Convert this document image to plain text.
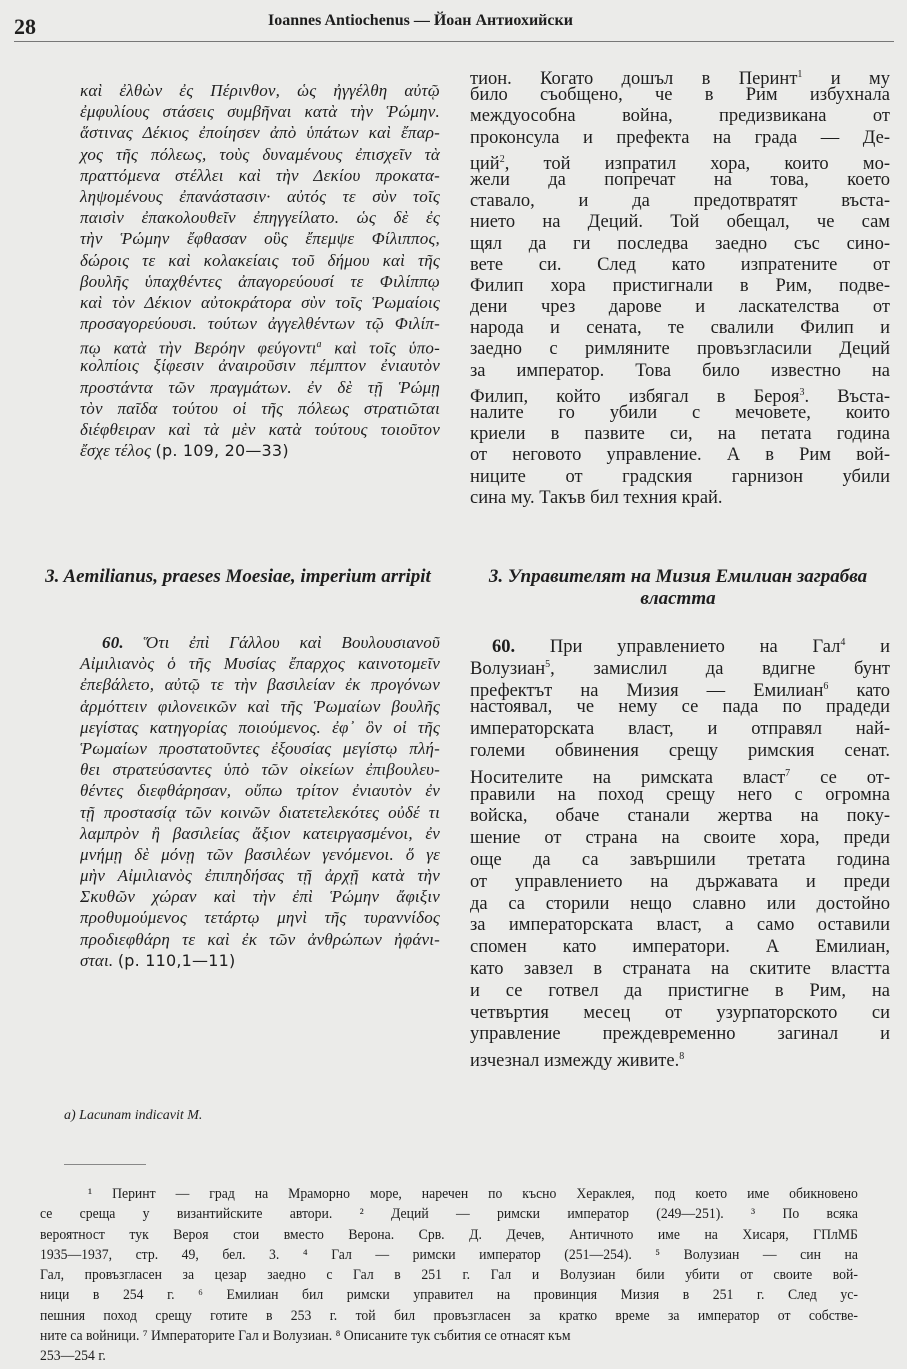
28	Ioannes Antiochenus — Йоан Антиохийски
καὶ ἐλθὼν ἐς Πέρινθον, ὡς ἠγγέλθη αὐτῷ
ἐμφυλίους στάσεις συμβῆναι κατὰ τὴν Ῥώμην.
ἅστινας Δέκιος ἐποίησεν ἀπὸ ὑπάτων καὶ ἔπαρ-
χος τῆς πόλεως, τοὺς δυναμένους ἐπισχεῖν τὰ
πραττόμενα στέλλει καὶ τὴν Δεκίου προκατα-
ληψομένους ἐπανάστασιν· αὐτός τε σὺν τοῖς
παισὶν ἐπακολουθεῖν ἐπηγγείλατο. ὡς δὲ ἐς
τὴν Ῥώμην ἔφθασαν οὓς ἔπεμψε Φίλιππος,
δώροις τε καὶ κολακείαις τοῦ δήμου καὶ τῆς
βουλῆς ὑπαχθέντες ἀπαγορεύουσί τε Φιλίππῳ
καὶ τὸν Δέκιον αὐτοκράτορα σὺν τοῖς Ῥωμαίοις
προσαγορεύουσι. τούτων ἀγγελθέντων τῷ Φιλίπ-
πῳ κατὰ τὴν Βερόην φεύγοντι$^a$ καὶ τοῖς ὑπο-
κολπίοις ξίφεσιν ἀναιροῦσιν πέμπτον ἐνιαυτὸν
προστάντα τῶν πραγμάτων. ἐν δὲ τῇ Ῥώμῃ
τὸν παῖδα τούτου οἱ τῆς πόλεως στρατιῶται
διέφθειραν καὶ τὰ μὲν κατὰ τούτους τοιοῦτον
ἔσχε τέλος (p. 109, 20—33)
тион. Когато дошъл в Перинт$^1$ и му
било съобщено, че в Рим избухнала
междуособна война, предизвикана от
проконсула и префекта на града — Де-
ций$^2$, той изпратил хора, които мо-
жели да попречат на това, което
ставало, и да предотвратят въста-
нието на Деций. Той обещал, че сам
щял да ги последва заедно със сино-
вете си. След като изпратените от
Филип хора пристигнали в Рим, подве-
дени чрез дарове и ласкателства от
народа и сената, те свалили Филип и
заедно с римляните провъзгласили Деций
за император. Това било известно на
Филип, който избягал в Берoя$^3$. Въста-
налите го убили с мечовете, които
криели в пазвите си, на петата година
от неговото управление. А в Рим вой-
ниците от градския гарнизон убили
сина му. Такъв бил техния край.
3. Aemilianus, praeses Moesiae, imperium arripit	3. Управителят на Мизия Емилиан заграбва властта
60. Ὅτι ἐπὶ Γάλλου καὶ Βουλουσιανοῦ
Αἰμιλιανὸς ὁ τῆς Μυσίας ἔπαρχος καινοτομεῖν
ἐπεβάλετο, αὐτῷ τε τὴν βασιλείαν ἐκ προγόνων
ἁρμόττειν φιλονεικῶν καὶ τῆς Ῥωμαίων βουλῆς
μεγίστας κατηγορίας ποιούμενος. ἐφ᾽ ὃν οἱ τῆς
Ῥωμαίων προστατοῦντες ἐξουσίας μεγίστῳ πλή-
θει στρατεύσαντες ὑπὸ τῶν οἰκείων ἐπιβουλευ-
θέντες διεφθάρησαν, οὔπω τρίτον ἐνιαυτὸν ἐν
τῇ προστασίᾳ τῶν κοινῶν διατετελεκότες οὐδέ τι
λαμπρὸν ἢ βασιλείας ἄξιον κατειργασμένοι, ἐν
μνήμῃ δὲ μόνῃ τῶν βασιλέων γενόμενοι. ὅ γε
μὴν Αἰμιλιανὸς ἐπιπηδήσας τῇ ἀρχῇ κατὰ τὴν
Σκυθῶν χώραν καὶ τὴν ἐπὶ Ῥώμην ἄφιξιν
προθυμούμενος τετάρτῳ μηνὶ τῆς τυραννίδος
προδιεφθάρη τε καὶ ἐκ τῶν ἀνθρώπων ἠφάνι-
σται. (p. 110,1—11)
60. При управлението на Гал$^4$ и
Волузиан$^5$, замислил да вдигне бунт
префектът на Мизия — Емилиан$^6$ като
настоявал, че нему се пада по прадеди
императорската власт, и отправял най-
големи обвинения срещу римския сенат.
Носителите на римската власт$^7$ се от-
правили на поход срещу него с огромна
войска, обаче станали жертва на поку-
шение от страна на своите хора, преди
още да са завършили третата година
от управлението на държавата и преди
да са сторили нещо славно или достойно
за императорската власт, а само оставили
спомен като императори. А Емилиан,
като завзел в страната на скитите властта
и се готвел да пристигне в Рим, на
четвъртия месец от узурпаторското си
управление преждевременно загинал и
изчезнал измежду живите.$^8$
a) Lacunam indicavit M.
¹ Перинт — град на Мраморно море, наречен по късно Хераклея, под което име обикновено
се среща у византийските автори. ² Деций — римски император (249—251). ³ По всяка
вероятност тук Верoя стои вместо Верона. Срв. Д. Дечев, Античното име на Хисаря, ГПлМБ
1935—1937, стр. 49, бел. 3. ⁴ Гал — римски император (251—254). ⁵ Волузиан — син на
Гал, провъзгласен за цезар заедно с Гал в 251 г. Гал и Волузиан били убити от своите вой-
ници в 254 г. ⁶ Емилиан бил римски управител на провинция Мизия в 251 г. След ус-
пешния поход срещу готите в 253 г. той бил провъзгласен за кратко време за император от собстве-
ните са войници. ⁷ Императорите Гал и Волузиан. ⁸ Описаните тук събития се отнасят към
253—254 г.
